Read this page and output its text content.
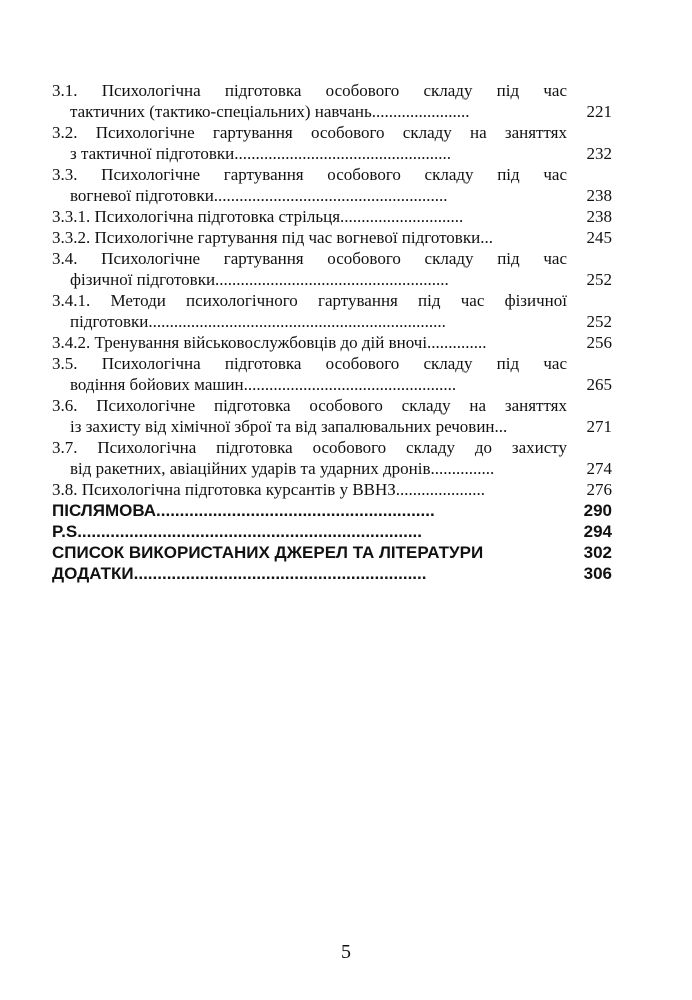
3.1. Психологічна підготовка особового складу під час
тактичних (тактико-спеціальних) навчань.......................	221
3.2. Психологічне гартування особового складу на заняттях
з тактичної підготовки...................................................	232
3.3. Психологічне гартування особового складу під час
вогневої підготовки.......................................................	238
3.3.1. Психологічна підготовка стрільця.............................	238
3.3.2. Психологічне гартування під час вогневої підготовки...	245
3.4. Психологічне гартування особового складу під час
фізичної підготовки.......................................................	252
3.4.1. Методи психологічного гартування під час фізичної
підготовки......................................................................	252
3.4.2. Тренування військовослужбовців до дій вночі..............	256
3.5. Психологічна підготовка особового складу під час
водіння бойових машин..................................................	265
3.6. Психологічне підготовка особового складу на заняттях
із захисту від хімічної зброї та від запалювальних речовин...	271
3.7. Психологічна підготовка особового складу до захисту
від ракетних, авіаційних ударів та ударних дронів...............	274
3.8. Психологічна підготовка курсантів у ВВНЗ.....................	276
ПІСЛЯМОВА...........................................................	290
P.S.........................................................................	294
СПИСОК ВИКОРИСТАНИХ ДЖЕРЕЛ ТА ЛІТЕРАТУРИ	302
ДОДАТКИ..............................................................	306
5
